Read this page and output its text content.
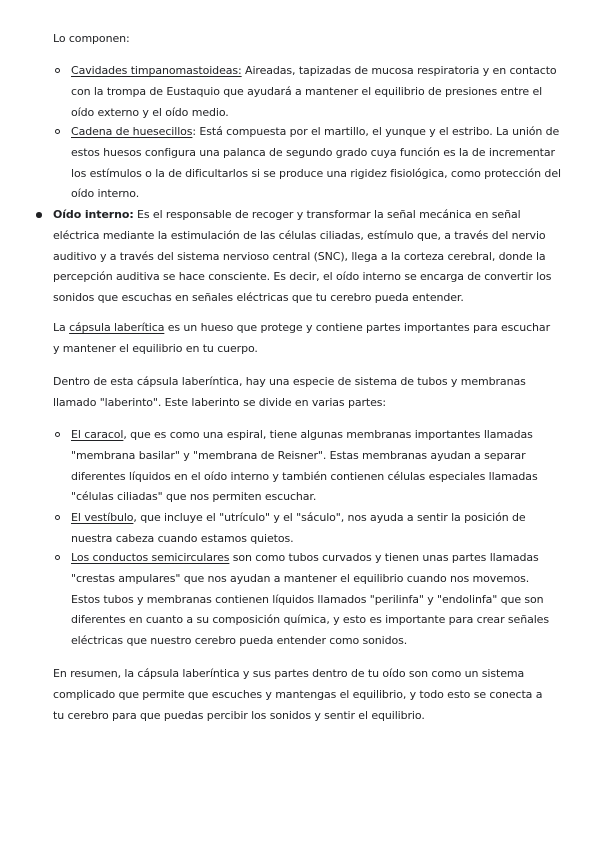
Lo componen:

Cavidades timpanomastoideas: Aireadas, tapizadas de mucosa respiratoria y en contacto con la trompa de Eustaquio que ayudará a mantener el equilibrio de presiones entre el oído externo y el oído medio.

Cadena de huesecillos: Está compuesta por el martillo, el yunque y el estribo. La unión de estos huesos configura una palanca de segundo grado cuya función es la de incrementar los estímulos o la de dificultarlos si se produce una rigidez fisiológica, como protección del oído interno.

Oído interno: Es el responsable de recoger y transformar la señal mecánica en señal eléctrica mediante la estimulación de las células ciliadas, estímulo que, a través del nervio auditivo y a través del sistema nervioso central (SNC), llega a la corteza cerebral, donde la percepción auditiva se hace consciente. Es decir, el oído interno se encarga de convertir los sonidos que escuchas en señales eléctricas que tu cerebro pueda entender.

La cápsula laberítica es un hueso que protege y contiene partes importantes para escuchar y mantener el equilibrio en tu cuerpo.

Dentro de esta cápsula laberíntica, hay una especie de sistema de tubos y membranas llamado "laberinto". Este laberinto se divide en varias partes:

El caracol, que es como una espiral, tiene algunas membranas importantes llamadas "membrana basilar" y "membrana de Reisner". Estas membranas ayudan a separar diferentes líquidos en el oído interno y también contienen células especiales llamadas "células ciliadas" que nos permiten escuchar.

El vestíbulo, que incluye el "utrículo" y el "sáculo", nos ayuda a sentir la posición de nuestra cabeza cuando estamos quietos.

Los conductos semicirculares son como tubos curvados y tienen unas partes llamadas "crestas ampulares" que nos ayudan a mantener el equilibrio cuando nos movemos. Estos tubos y membranas contienen líquidos llamados "perilinfa" y "endolinfa" que son diferentes en cuanto a su composición química, y esto es importante para crear señales eléctricas que nuestro cerebro pueda entender como sonidos.

En resumen, la cápsula laberíntica y sus partes dentro de tu oído son como un sistema complicado que permite que escuches y mantengas el equilibrio, y todo esto se conecta a tu cerebro para que puedas percibir los sonidos y sentir el equilibrio.
